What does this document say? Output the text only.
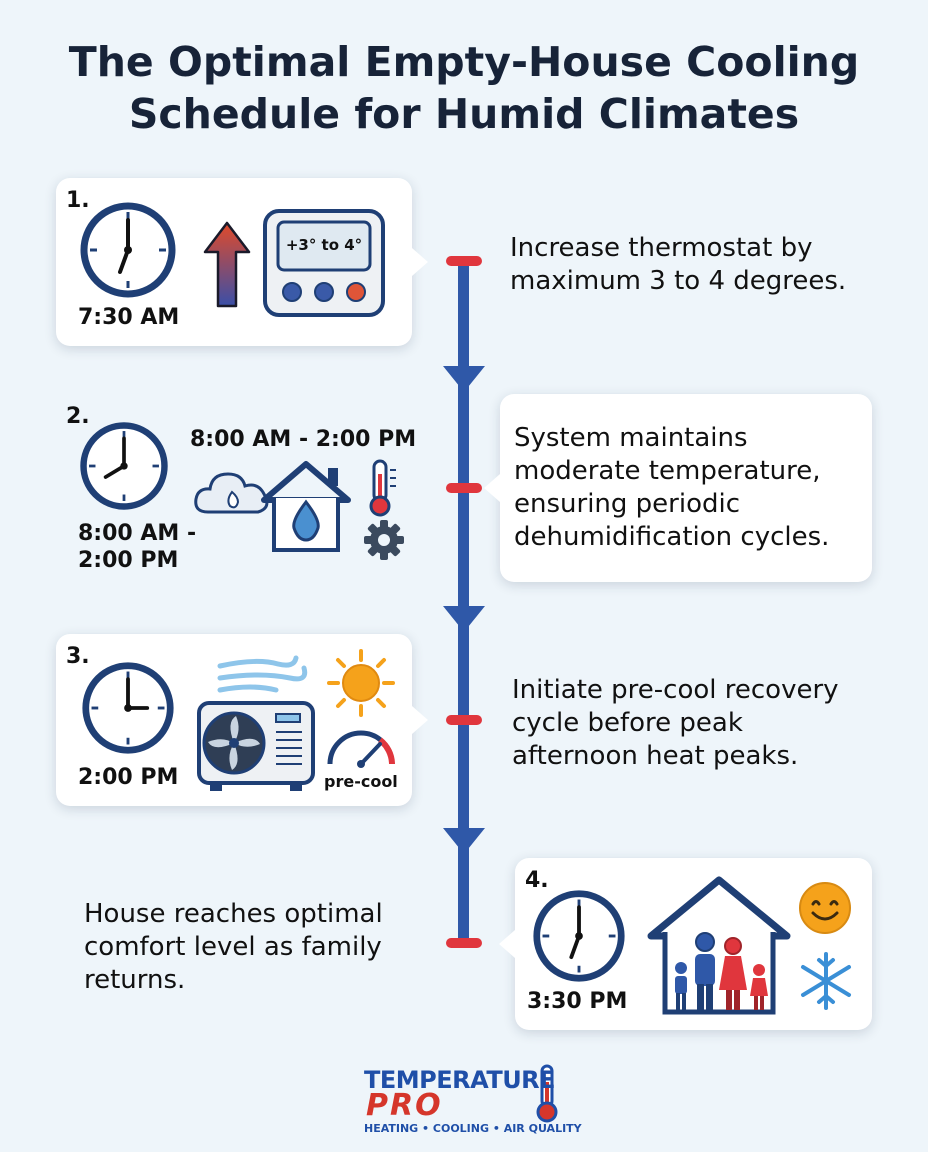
The Optimal Empty-House Cooling
Schedule for Humid Climates
1.
7:30 AM
+3° to 4°	Increase thermostat by
maximum 3 to 4 degrees.
2.
8:00 AM - 2:00 PM
8:00 AM -
2:00 PM
System maintains
moderate temperature,
ensuring periodic
dehumidification cycles.
3.
2:00 PM	pre-cool
Initiate pre-cool recovery
cycle before peak
afternoon heat peaks.
House reaches optimal
comfort level as family
returns.
4.
3:30 PM
TEMPERATURE
PRO
HEATING • COOLING • AIR QUALITY
